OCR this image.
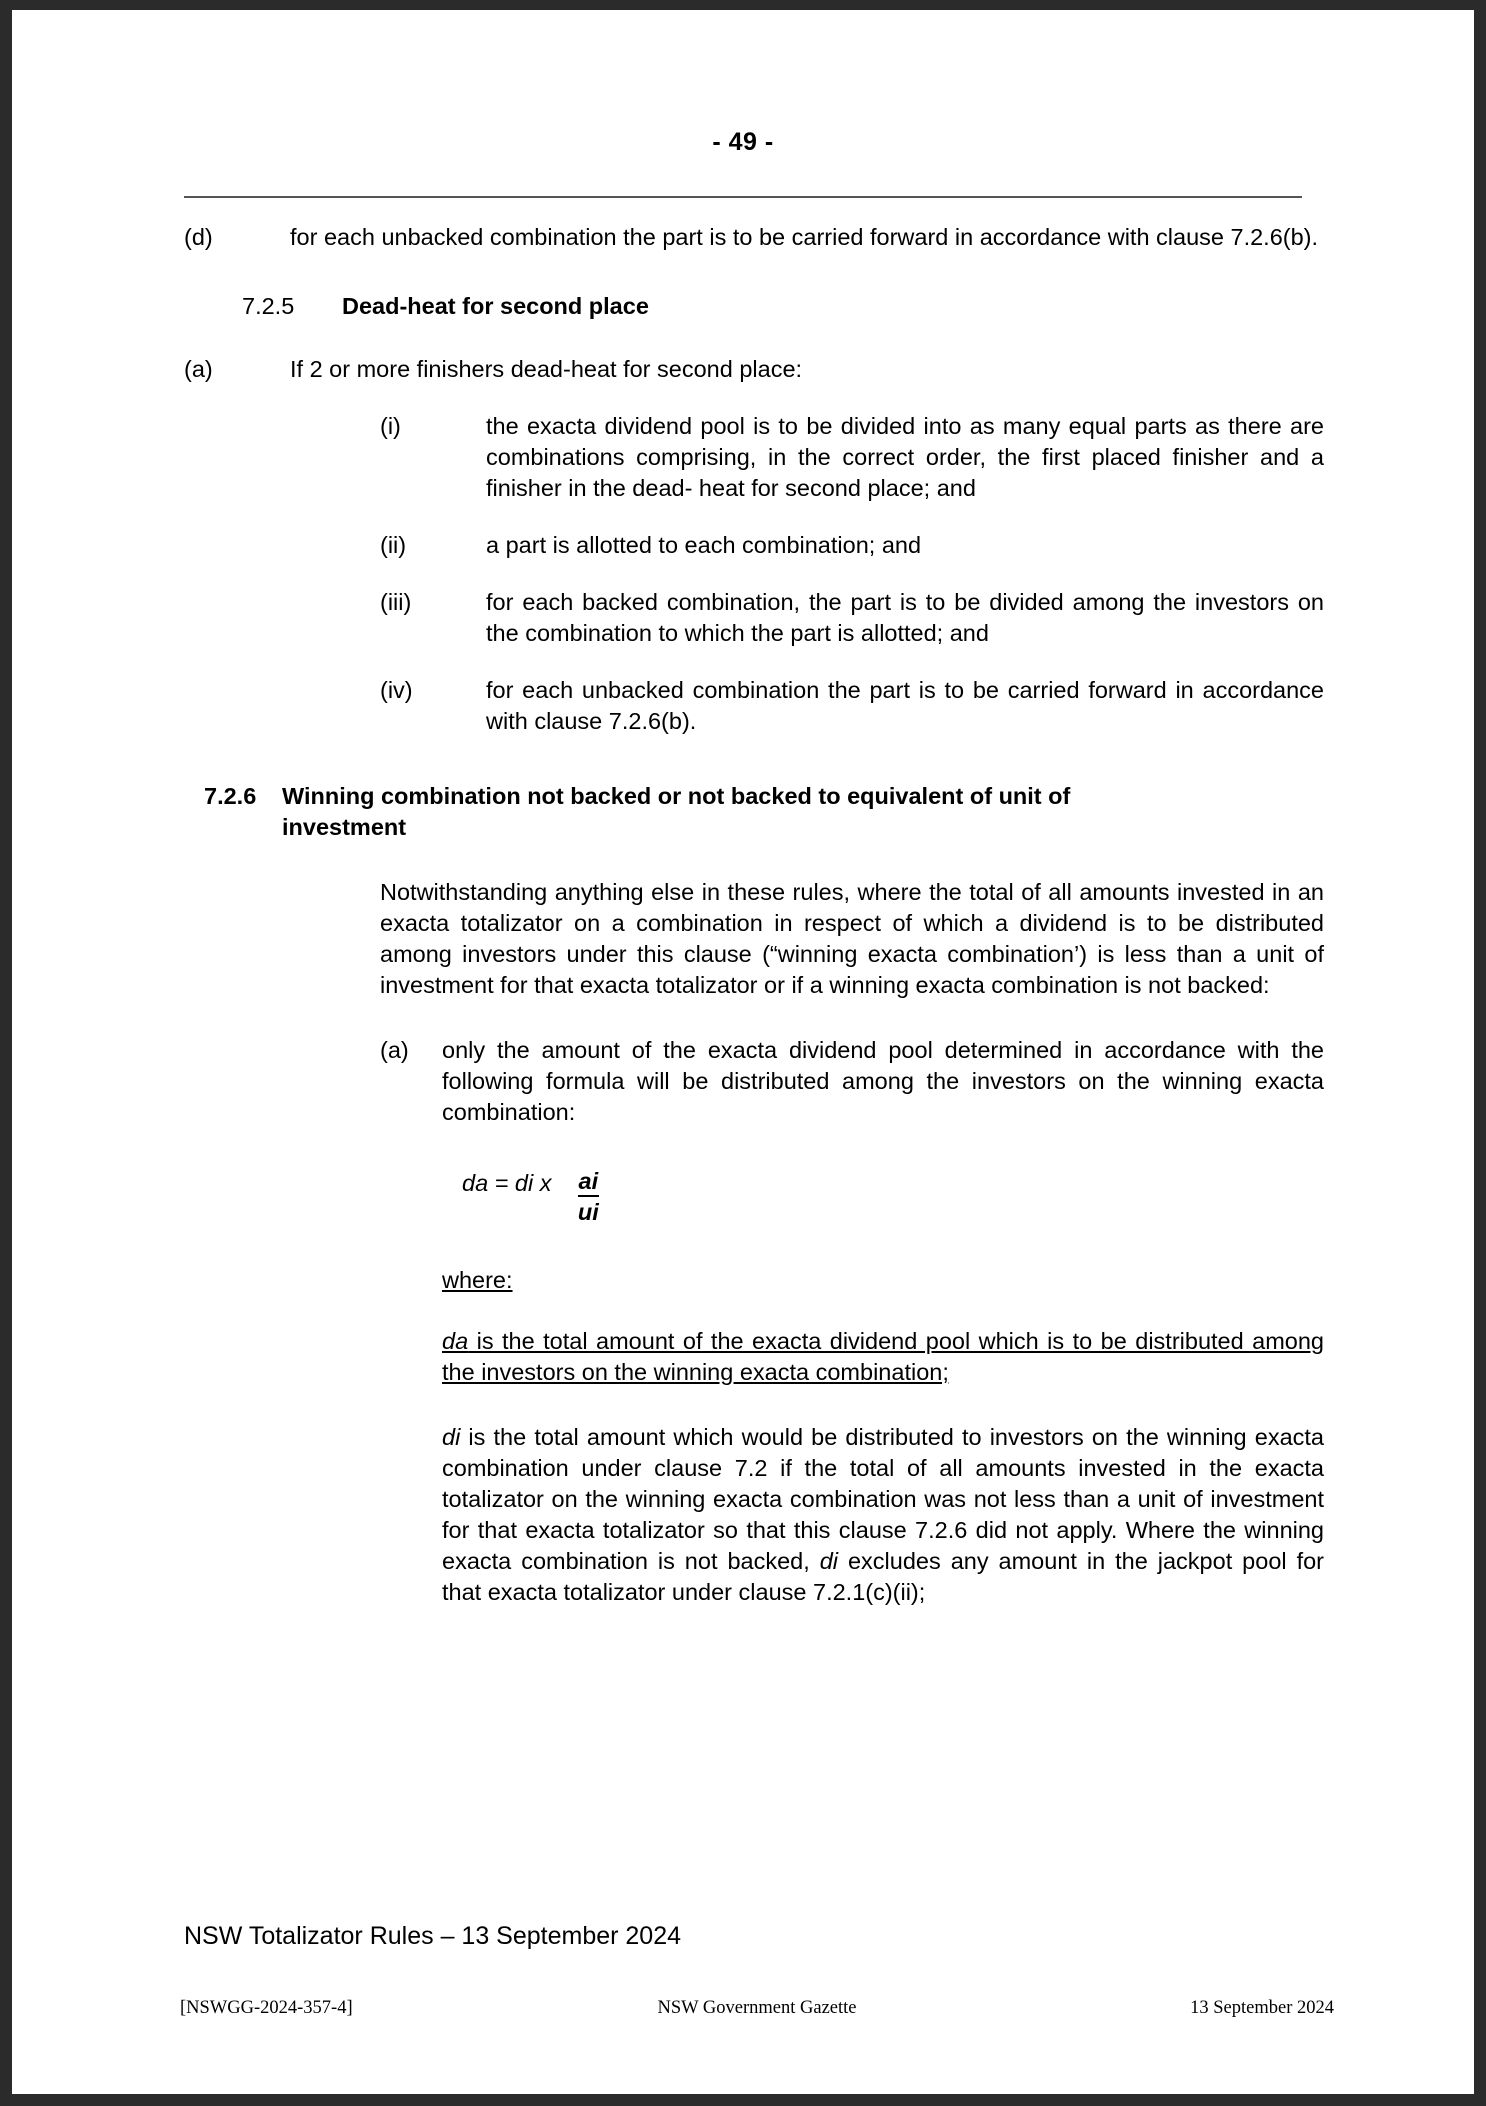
- 49 -
(d)	for each unbacked combination the part is to be carried forward in accordance with clause 7.2.6(b).
7.2.5	Dead-heat for second place
(a)	If 2 or more finishers dead-heat for second place:
(i)	the exacta dividend pool is to be divided into as many equal parts as there are combinations comprising, in the correct order, the first placed finisher and a finisher in the dead- heat for second place; and
(ii)	a part is allotted to each combination; and
(iii)	for each backed combination, the part is to be divided among the investors on the combination to which the part is allotted; and
(iv)	for each unbacked combination the part is to be carried forward in accordance with clause 7.2.6(b).
7.2.6	Winning combination not backed or not backed to equivalent of unit of investment
Notwithstanding anything else in these rules, where the total of all amounts invested in an exacta totalizator on a combination in respect of which a dividend is to be distributed among investors under this clause (“winning exacta combination’) is less than a unit of investment for that exacta totalizator or if a winning exacta combination is not backed:
(a)	only the amount of the exacta dividend pool determined in accordance with the following formula will be distributed among the investors on the winning exacta combination:
da = di x $\frac{ai}{ui}$
where:
da is the total amount of the exacta dividend pool which is to be distributed among the investors on the winning exacta combination;
di is the total amount which would be distributed to investors on the winning exacta combination under clause 7.2 if the total of all amounts invested in the exacta totalizator on the winning exacta combination was not less than a unit of investment for that exacta totalizator so that this clause 7.2.6 did not apply. Where the winning exacta combination is not backed, di excludes any amount in the jackpot pool for that exacta totalizator under clause 7.2.1(c)(ii);
NSW Totalizator Rules – 13 September 2024
[NSWGG-2024-357-4]	NSW Government Gazette	13 September 2024
